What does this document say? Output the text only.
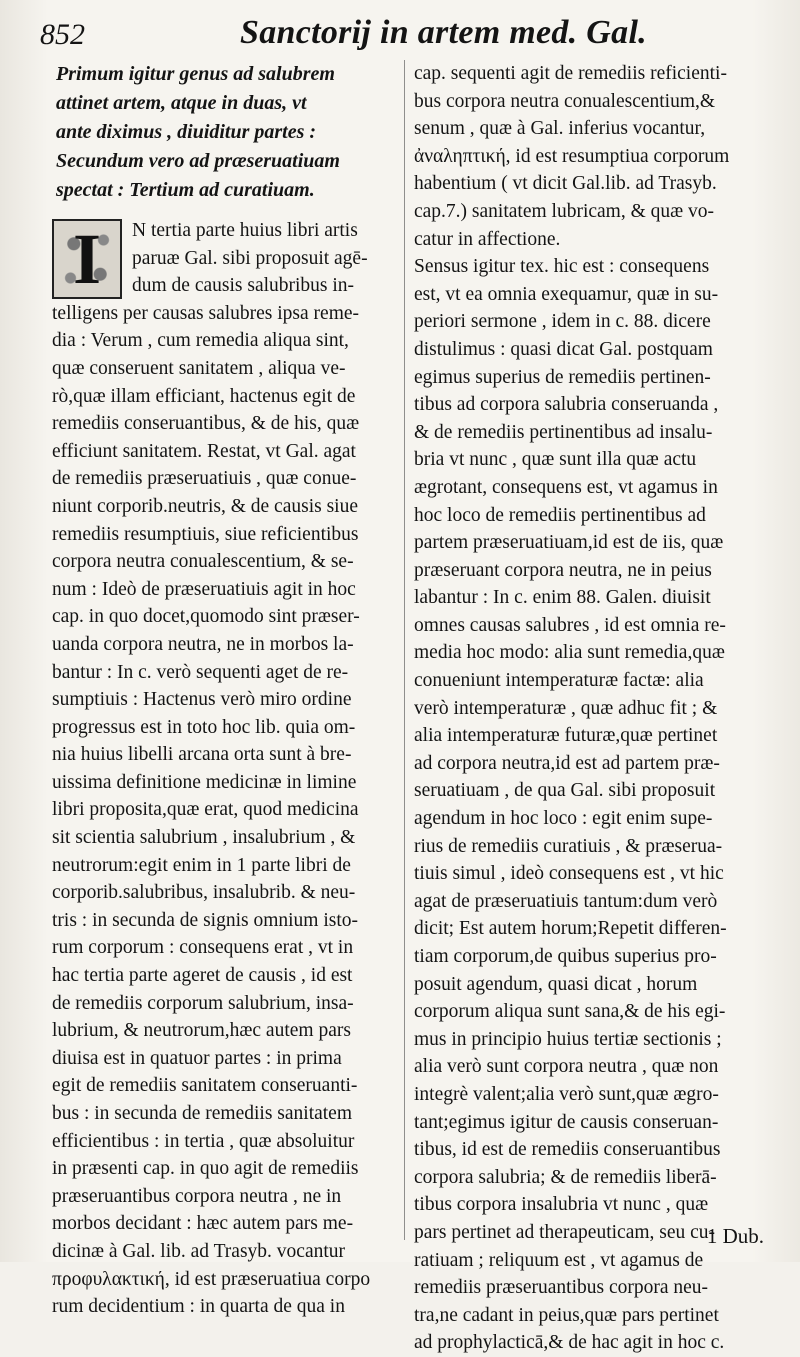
852	Sanctorij in artem med. Gal.
Primum igitur genus ad salubrem
attinet artem, atque in duas, vt
ante diximus , diuiditur partes :
Secundum vero ad præseruatiuam
spectat : Tertium ad curatiuam.
I N tertia parte huius libri artis
paruæ Gal. sibi proposuit agē-
dum de causis salubribus in-
telligens per causas salubres ipsa reme-
dia : Verum , cum remedia aliqua sint,
quæ conseruent sanitatem , aliqua ve-
rò,quæ illam efficiant, hactenus egit de
remediis conseruantibus, & de his, quæ
efficiunt sanitatem. Restat, vt Gal. agat
de remediis præseruatiuis , quæ conue-
niunt corporib.neutris, & de causis siue
remediis resumptiuis, siue reficientibus
corpora neutra conualescentium, & se-
num : Ideò de præseruatiuis agit in hoc
cap. in quo docet,quomodo sint præser-
uanda corpora neutra, ne in morbos la-
bantur : In c. verò sequenti aget de re-
sumptiuis : Hactenus verò miro ordine
progressus est in toto hoc lib. quia om-
nia huius libelli arcana orta sunt à bre-
uissima definitione medicinæ in limine
libri proposita,quæ erat, quod medicina
sit scientia salubrium , insalubrium , &
neutrorum:egit enim in 1 parte libri de
corporib.salubribus, insalubrib. & neu-
tris : in secunda de signis omnium isto-
rum corporum : consequens erat , vt in
hac tertia parte ageret de causis , id est
de remediis corporum salubrium, insa-
lubrium, & neutrorum,hæc autem pars
diuisa est in quatuor partes : in prima
egit de remediis sanitatem conseruanti-
bus : in secunda de remediis sanitatem
efficientibus : in tertia , quæ absoluitur
in præsenti cap. in quo agit de remediis
præseruantibus corpora neutra , ne in
morbos decidant : hæc autem pars me-
dicinæ à Gal. lib. ad Trasyb. vocantur
προφυλακτική, id est præseruatiua corpo
rum decidentium : in quarta de qua in
cap. sequenti agit de remediis reficienti-
bus corpora neutra conualescentium,&
senum , quæ à Gal. inferius vocantur,
ἀναληπτική, id est resumptiua corporum
habentium ( vt dicit Gal.lib. ad Trasyb.
cap.7.) sanitatem lubricam, & quæ vo-
catur in affectione.
Sensus igitur tex. hic est : consequens
est, vt ea omnia exequamur, quæ in su-
periori sermone , idem in c. 88. dicere
distulimus : quasi dicat Gal. postquam
egimus superius de remediis pertinen-
tibus ad corpora salubria conseruanda ,
& de remediis pertinentibus ad insalu-
bria vt nunc , quæ sunt illa quæ actu
ægrotant, consequens est, vt agamus in
hoc loco de remediis pertinentibus ad
partem præseruatiuam,id est de iis, quæ
præseruant corpora neutra, ne in peius
labantur : In c. enim 88. Galen. diuisit
omnes causas salubres , id est omnia re-
media hoc modo: alia sunt remedia,quæ
conueniunt intemperaturæ factæ: alia
verò intemperaturæ , quæ adhuc fit ; &
alia intemperaturæ futuræ,quæ pertinet
ad corpora neutra,id est ad partem præ-
seruatiuam , de qua Gal. sibi proposuit
agendum in hoc loco : egit enim supe-
rius de remediis curatiuis , & præserua-
tiuis simul , ideò consequens est , vt hic
agat de præseruatiuis tantum:dum verò
dicit; Est autem horum;Repetit differen-
tiam corporum,de quibus superius pro-
posuit agendum, quasi dicat , horum
corporum aliqua sunt sana,& de his egi-
mus in principio huius tertiæ sectionis ;
alia verò sunt corpora neutra , quæ non
integrè valent;alia verò sunt,quæ ægro-
tant;egimus igitur de causis conseruan-
tibus, id est de remediis conseruantibus
corpora salubria; & de remediis liberā-
tibus corpora insalubria vt nunc , quæ
pars pertinet ad therapeuticam, seu cu-
ratiuam ; reliquum est , vt agamus de
remediis præseruantibus corpora neu-
tra,ne cadant in peius,quæ pars pertinet
ad prophylacticā,& de hac agit in hoc c.
1 Dub.
